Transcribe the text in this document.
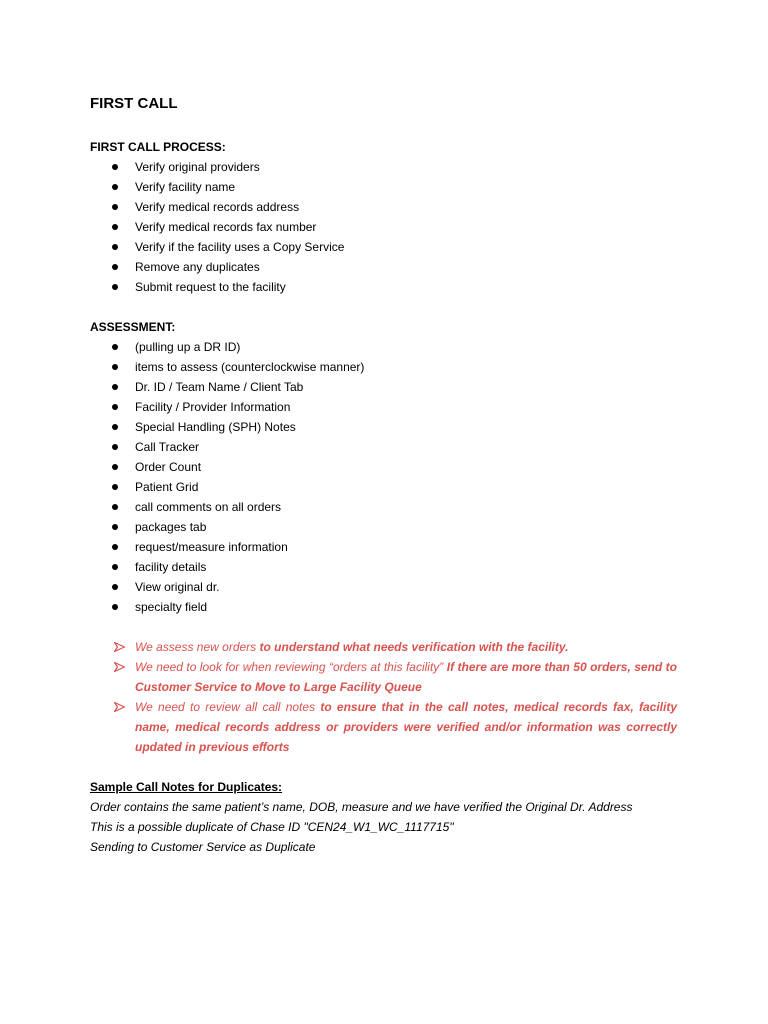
FIRST CALL
FIRST CALL PROCESS:
Verify original providers
Verify facility name
Verify medical records address
Verify medical records fax number
Verify if the facility uses a Copy Service
Remove any duplicates
Submit request to the facility
ASSESSMENT:
(pulling up a DR ID)
items to assess (counterclockwise manner)
Dr. ID / Team Name / Client Tab
Facility / Provider Information
Special Handling (SPH) Notes
Call Tracker
Order Count
Patient Grid
call comments on all orders
packages tab
request/measure information
facility details
View original dr.
specialty field
We assess new orders to understand what needs verification with the facility.
We need to look for when reviewing “orders at this facility” If there are more than 50 orders, send to Customer Service to Move to Large Facility Queue
We need to review all call notes to ensure that in the call notes, medical records fax, facility name, medical records address or providers were verified and/or information was correctly updated in previous efforts
Sample Call Notes for Duplicates:
Order contains the same patient’s name, DOB, measure and we have verified the Original Dr. Address
This is a possible duplicate of Chase ID "CEN24_W1_WC_1117715"
Sending to Customer Service as Duplicate
